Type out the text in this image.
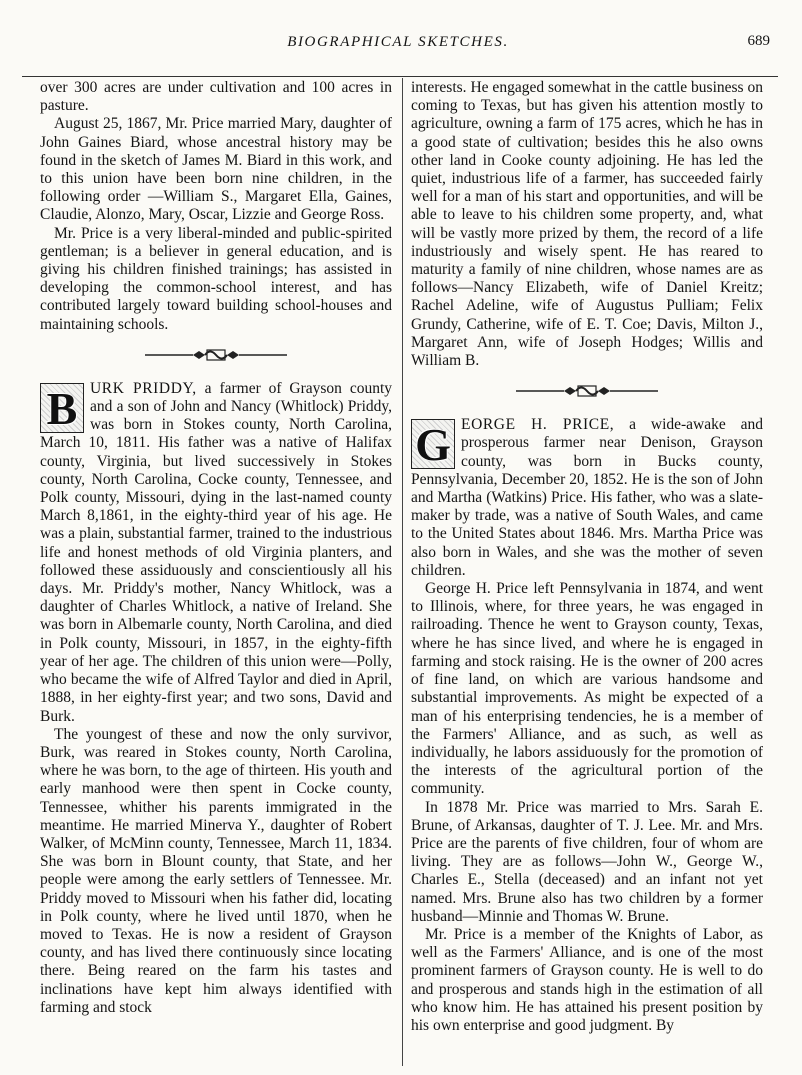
BIOGRAPHICAL SKETCHES.	689

over 300 acres are under cultivation and 100 acres in pasture.

August 25, 1867, Mr. Price married Mary, daughter of John Gaines Biard, whose ancestral history may be found in the sketch of James M. Biard in this work, and to this union have been born nine children, in the following order —William S., Margaret Ella, Gaines, Claudie, Alonzo, Mary, Oscar, Lizzie and George Ross.

Mr. Price is a very liberal-minded and public-spirited gentleman; is a believer in general education, and is giving his children finished trainings; has assisted in developing the common-school interest, and has contributed largely toward building school-houses and maintaining schools.

B URK PRIDDY, a farmer of Grayson county and a son of John and Nancy (Whitlock) Priddy, was born in Stokes county, North Carolina, March 10, 1811. His father was a native of Halifax county, Virginia, but lived successively in Stokes county, North Carolina, Cocke county, Tennessee, and Polk county, Missouri, dying in the last-named county March 8,1861, in the eighty-third year of his age. He was a plain, substantial farmer, trained to the industrious life and honest methods of old Virginia planters, and followed these assiduously and conscientiously all his days. Mr. Priddy's mother, Nancy Whitlock, was a daughter of Charles Whitlock, a native of Ireland. She was born in Albemarle county, North Carolina, and died in Polk county, Missouri, in 1857, in the eighty-fifth year of her age. The children of this union were—Polly, who became the wife of Alfred Taylor and died in April, 1888, in her eighty-first year; and two sons, David and Burk.

The youngest of these and now the only survivor, Burk, was reared in Stokes county, North Carolina, where he was born, to the age of thirteen. His youth and early manhood were then spent in Cocke county, Tennessee, whither his parents immigrated in the meantime. He married Minerva Y., daughter of Robert Walker, of McMinn county, Tennessee, March 11, 1834. She was born in Blount county, that State, and her people were among the early settlers of Tennessee. Mr. Priddy moved to Missouri when his father did, locating in Polk county, where he lived until 1870, when he moved to Texas. He is now a resident of Grayson county, and has lived there continuously since locating there. Being reared on the farm his tastes and inclinations have kept him always identified with farming and stock

interests. He engaged somewhat in the cattle business on coming to Texas, but has given his attention mostly to agriculture, owning a farm of 175 acres, which he has in a good state of cultivation; besides this he also owns other land in Cooke county adjoining. He has led the quiet, industrious life of a farmer, has succeeded fairly well for a man of his start and opportunities, and will be able to leave to his children some property, and, what will be vastly more prized by them, the record of a life industriously and wisely spent. He has reared to maturity a family of nine children, whose names are as follows—Nancy Elizabeth, wife of Daniel Kreitz; Rachel Adeline, wife of Augustus Pulliam; Felix Grundy, Catherine, wife of E. T. Coe; Davis, Milton J., Margaret Ann, wife of Joseph Hodges; Willis and William B.

G EORGE H. PRICE, a wide-awake and prosperous farmer near Denison, Grayson county, was born in Bucks county, Pennsylvania, December 20, 1852. He is the son of John and Martha (Watkins) Price. His father, who was a slate-maker by trade, was a native of South Wales, and came to the United States about 1846. Mrs. Martha Price was also born in Wales, and she was the mother of seven children.

George H. Price left Pennsylvania in 1874, and went to Illinois, where, for three years, he was engaged in railroading. Thence he went to Grayson county, Texas, where he has since lived, and where he is engaged in farming and stock raising. He is the owner of 200 acres of fine land, on which are various handsome and substantial improvements. As might be expected of a man of his enterprising tendencies, he is a member of the Farmers' Alliance, and as such, as well as individually, he labors assiduously for the promotion of the interests of the agricultural portion of the community.

In 1878 Mr. Price was married to Mrs. Sarah E. Brune, of Arkansas, daughter of T. J. Lee. Mr. and Mrs. Price are the parents of five children, four of whom are living. They are as follows—John W., George W., Charles E., Stella (deceased) and an infant not yet named. Mrs. Brune also has two children by a former husband—Minnie and Thomas W. Brune.

Mr. Price is a member of the Knights of Labor, as well as the Farmers' Alliance, and is one of the most prominent farmers of Grayson county. He is well to do and prosperous and stands high in the estimation of all who know him. He has attained his present position by his own enterprise and good judgment. By
